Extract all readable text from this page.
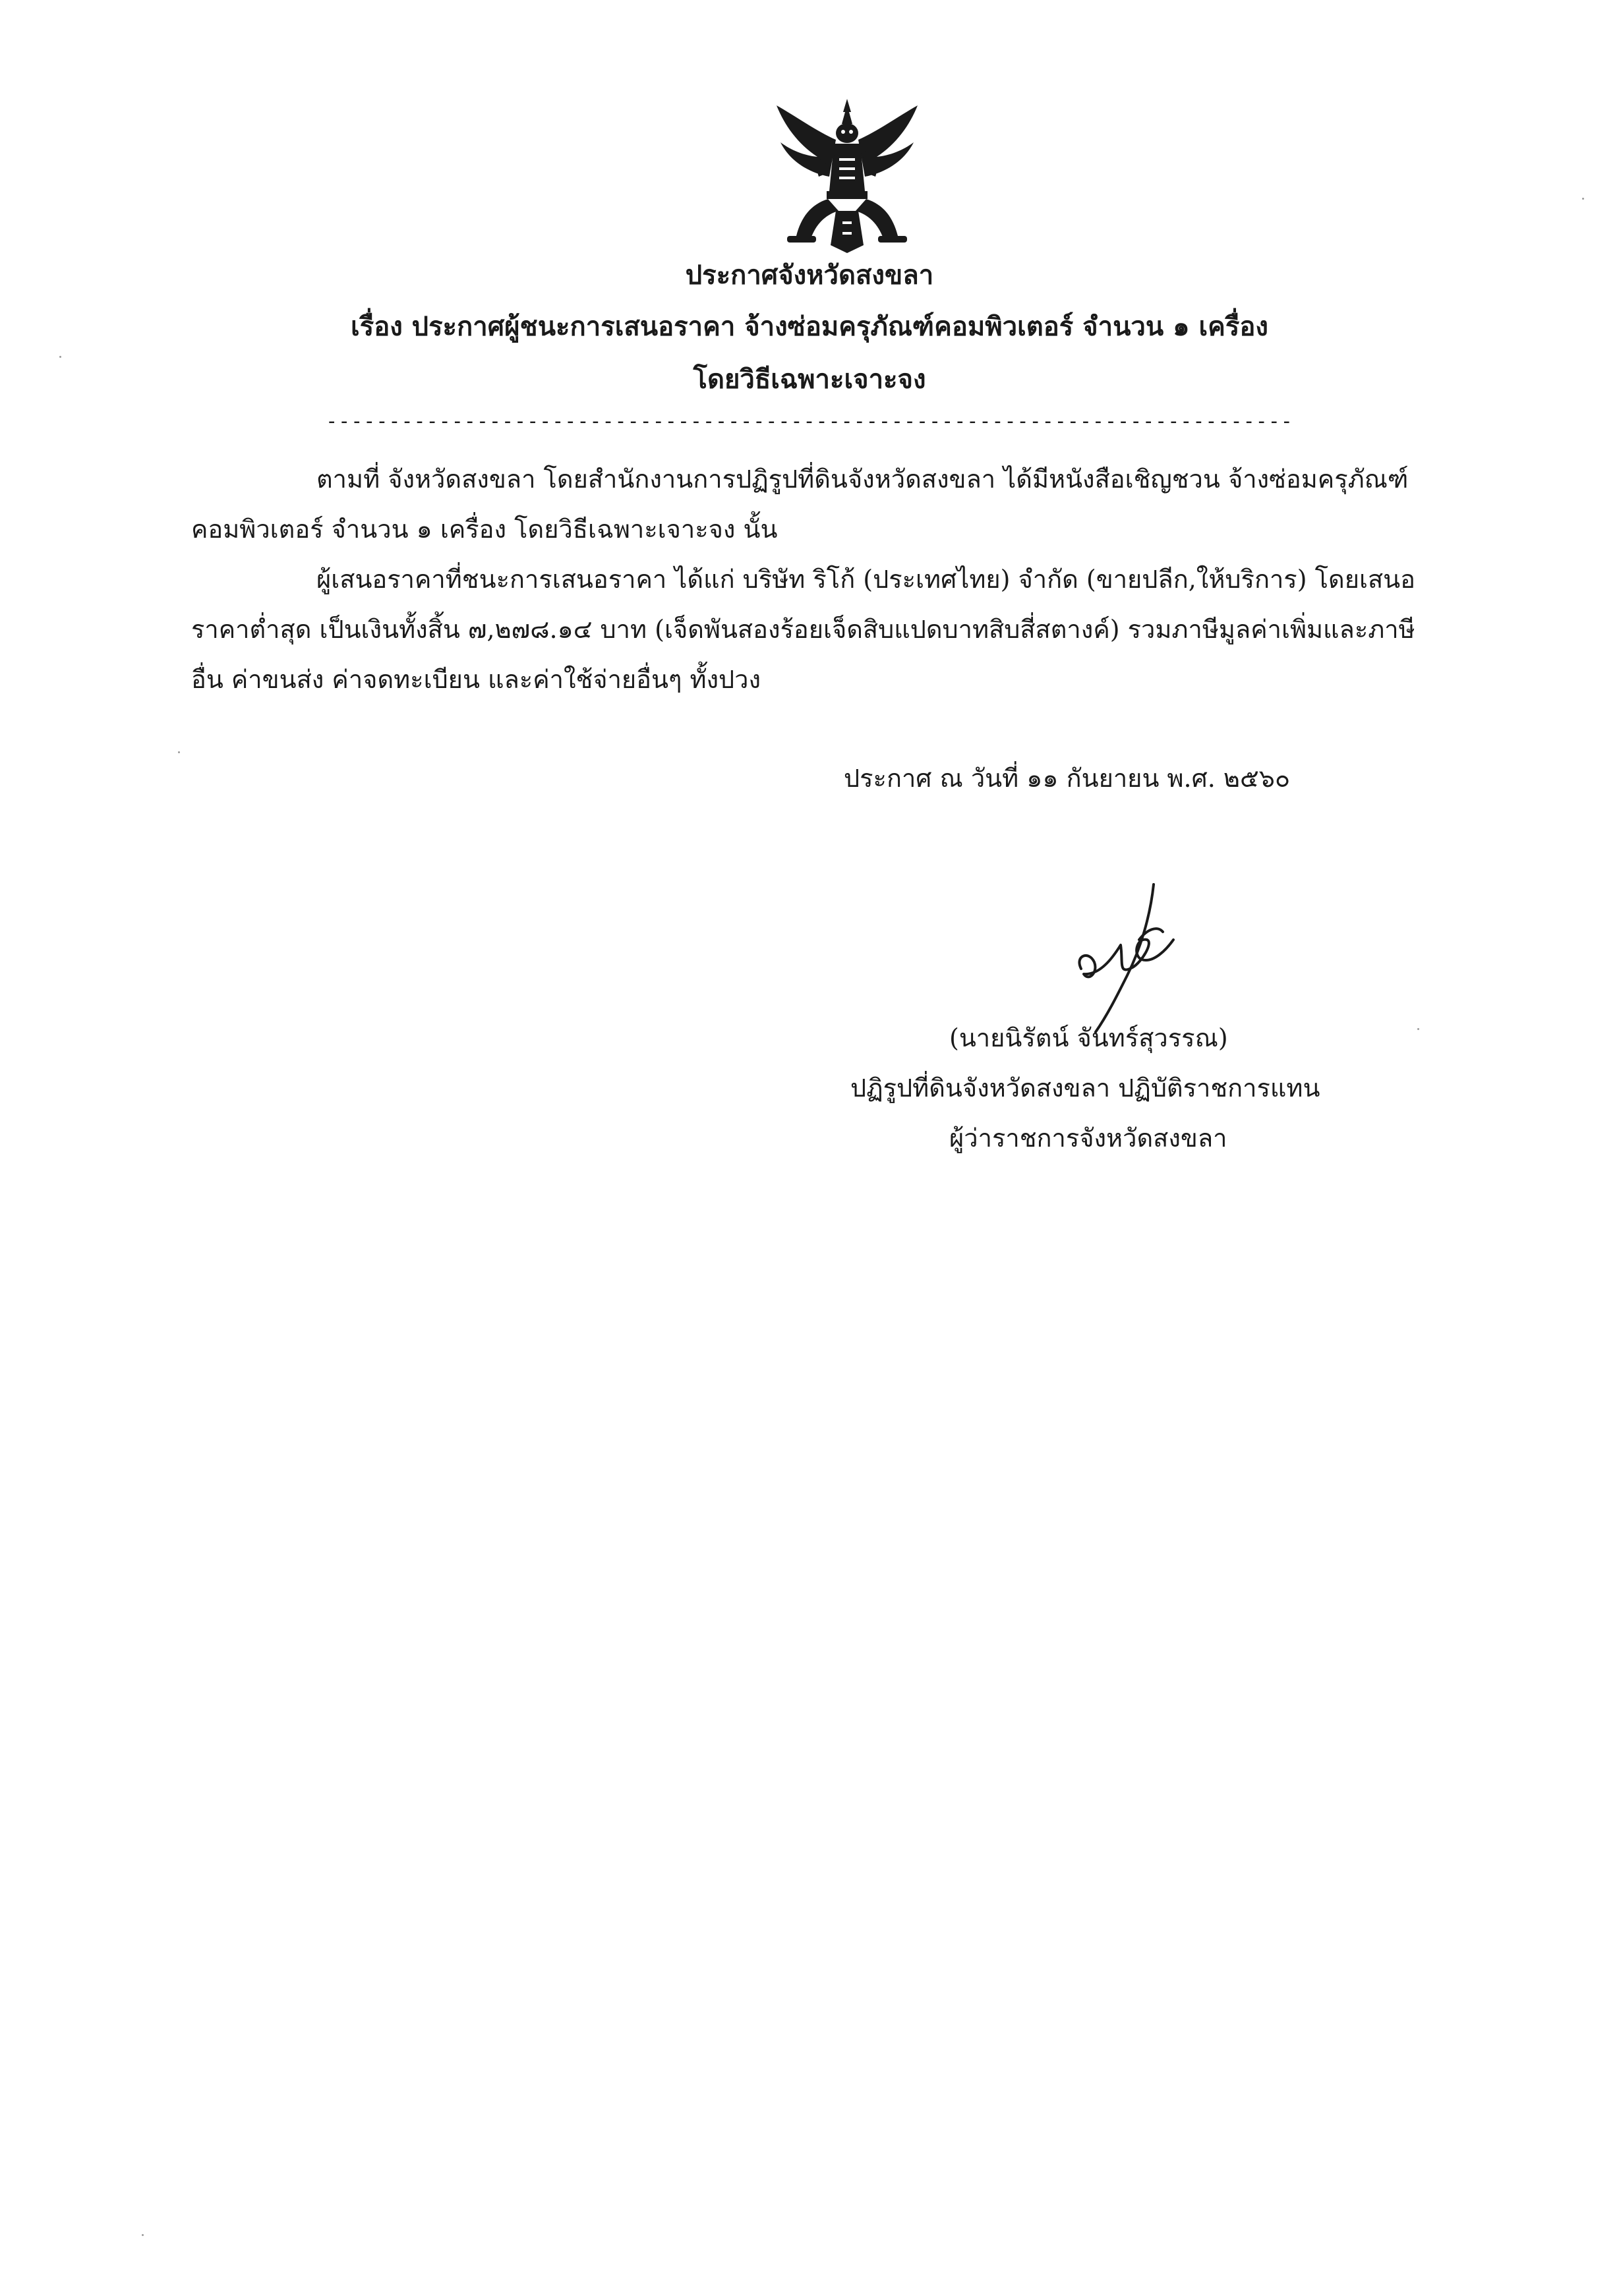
ประกาศจังหวัดสงขลา
เรื่อง ประกาศผู้ชนะการเสนอราคา จ้างซ่อมครุภัณฑ์คอมพิวเตอร์ จำนวน ๑ เครื่อง
โดยวิธีเฉพาะเจาะจง
-----------------------------------------------------------------------------
ตามที่ จังหวัดสงขลา โดยสำนักงานการปฏิรูปที่ดินจังหวัดสงขลา ได้มีหนังสือเชิญชวน จ้างซ่อมครุภัณฑ์
คอมพิวเตอร์ จำนวน ๑ เครื่อง โดยวิธีเฉพาะเจาะจง นั้น
ผู้เสนอราคาที่ชนะการเสนอราคา ได้แก่ บริษัท ริโก้ (ประเทศไทย) จำกัด (ขายปลีก,ให้บริการ) โดยเสนอ
ราคาต่ำสุด เป็นเงินทั้งสิ้น ๗,๒๗๘.๑๔ บาท (เจ็ดพันสองร้อยเจ็ดสิบแปดบาทสิบสี่สตางค์) รวมภาษีมูลค่าเพิ่มและภาษี
อื่น ค่าขนส่ง ค่าจดทะเบียน และค่าใช้จ่ายอื่นๆ ทั้งปวง
ประกาศ ณ วันที่ ๑๑ กันยายน พ.ศ. ๒๕๖๐
(นายนิรัตน์ จันทร์สุวรรณ)
ปฏิรูปที่ดินจังหวัดสงขลา ปฏิบัติราชการแทน
ผู้ว่าราชการจังหวัดสงขลา
